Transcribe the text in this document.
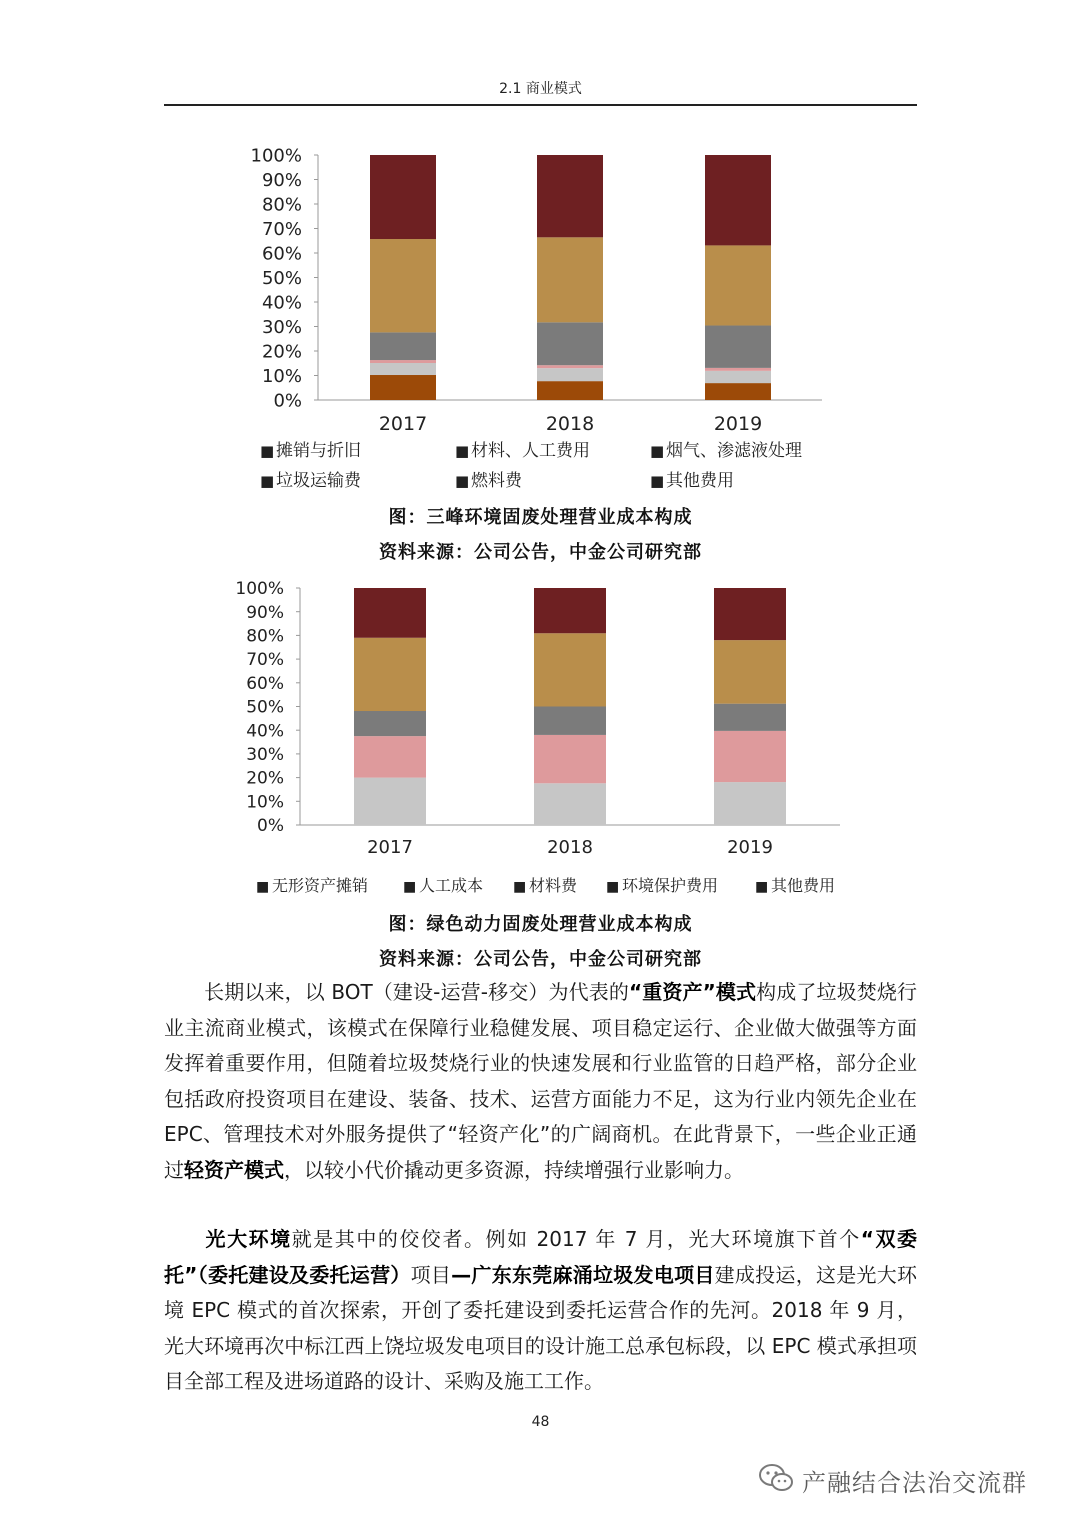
2.1 商业模式
100%
90%
80%
70%
60%
50%
40%
30%
20%
10%
0%
2017	2018	2019
■ 摊销与折旧	■ 材料、人工费用	■ 烟气、渗滤液处理
■ 垃圾运输费	■ 燃料费	■ 其他费用
100%
90%
80%
70%
60%
50%
40%
30%
20%
10%
0%
2017	2018	2019
■ 无形资产摊销 ■ 人工成本 ■ 材料费 ■ 环境保护费用	■ 其他费用
图：三峰环境固废处理营业成本构成
资料来源：公司公告，中金公司研究部
图：绿色动力固废处理营业成本构成
资料来源：公司公告，中金公司研究部

长期以来，以 BOT（建设-运营-移交）为代表的“重资产”模式构成了垃圾焚烧行业主流商业模式，该模式在保障行业稳健发展、项目稳定运行、企业做大做强等方面发挥着重要作用，但随着垃圾焚烧行业的快速发展和行业监管的日趋严格，部分企业包括政府投资项目在建设、装备、技术、运营方面能力不足，这为行业内领先企业在 EPC、管理技术对外服务提供了“轻资产化”的广阔商机。在此背景下，一些企业正通过轻资产模式，以较小代价撬动更多资源，持续增强行业影响力。

光大环境就是其中的佼佼者。例如 2017 年 7 月，光大环境旗下首个“双委托”（委托建设及委托运营）项目—广东东莞麻涌垃圾发电项目建成投运，这是光大环境 EPC 模式的首次探索，开创了委托建设到委托运营合作的先河。2018 年 9 月，光大环境再次中标江西上饶垃圾发电项目的设计施工总承包标段，以 EPC 模式承担项目全部工程及进场道路的设计、采购及施工工作。

48
产融结合法治交流群
